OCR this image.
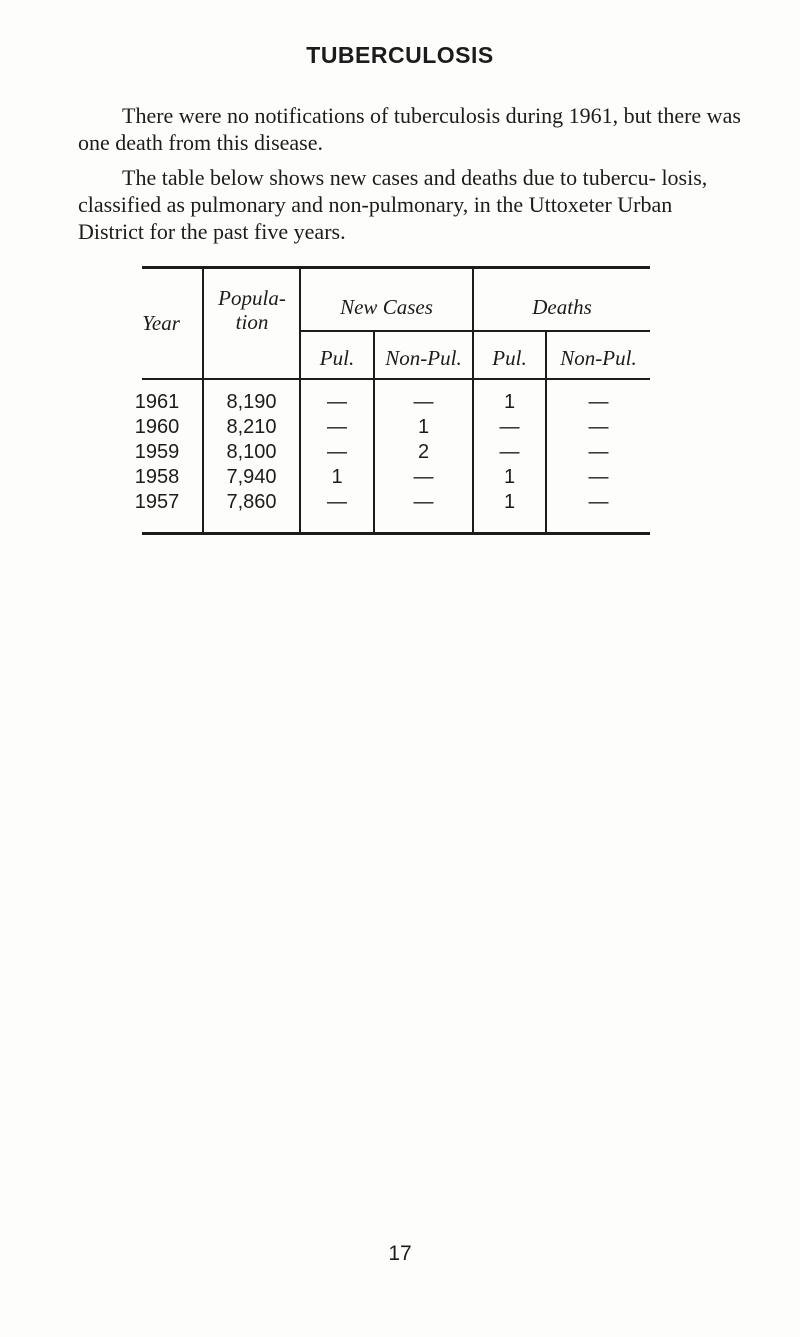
TUBERCULOSIS

There were no notifications of tuberculosis during 1961, but there was one death from this disease.

The table below shows new cases and deaths due to tubercu- losis, classified as pulmonary and non-pulmonary, in the Uttoxeter Urban District for the past five years.

Year
Popula- tion
New Cases	Deaths
Pul.	Non-Pul.	Pul.	Non-Pul.
1961	8,190	—	—	1	—
1960	8,210	—	1	—	—
1959	8,100	—	2	—	—
1958	7,940	1	—	1	—
1957	7,860	—	—	1	—
17
